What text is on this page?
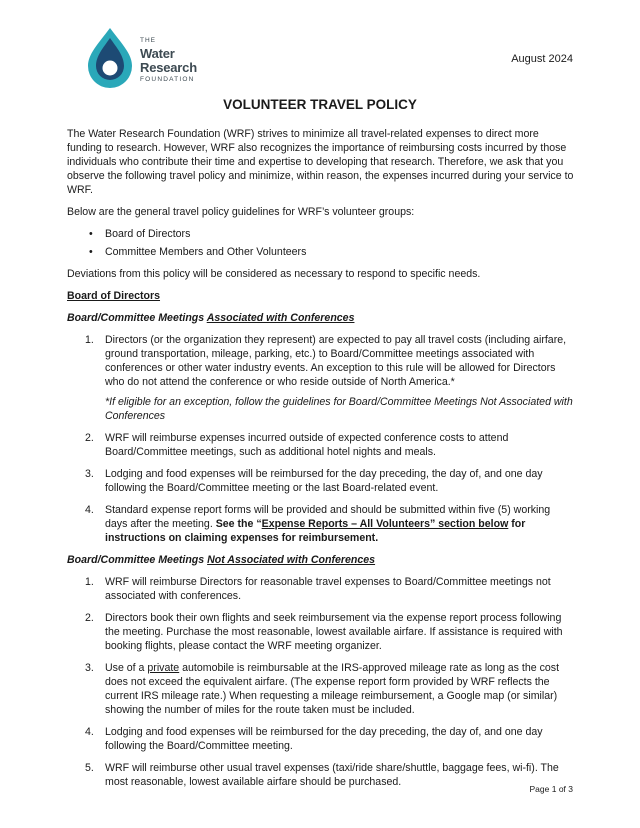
THE
Water
Research
FOUNDATION
August 2024
VOLUNTEER TRAVEL POLICY

The Water Research Foundation (WRF) strives to minimize all travel-related expenses to direct more funding to research. However, WRF also recognizes the importance of reimbursing costs incurred by those individuals who contribute their time and expertise to developing that research. Therefore, we ask that you observe the following travel policy and minimize, within reason, the expenses incurred during your service to WRF.

Below are the general travel policy guidelines for WRF’s volunteer groups:

• Board of Directors
• Committee Members and Other Volunteers

Deviations from this policy will be considered as necessary to respond to specific needs.

Board of Directors
Board/Committee Meetings Associated with Conferences
1. Directors (or the organization they represent) are expected to pay all travel costs (including airfare, ground transportation, mileage, parking, etc.) to Board/Committee meetings associated with conferences or other water industry events. An exception to this rule will be allowed for Directors who do not attend the conference or who reside outside of North America.*

*If eligible for an exception, follow the guidelines for Board/Committee Meetings Not Associated with Conferences

2. WRF will reimburse expenses incurred outside of expected conference costs to attend Board/Committee meetings, such as additional hotel nights and meals.

3. Lodging and food expenses will be reimbursed for the day preceding, the day of, and one day following the Board/Committee meeting or the last Board-related event.

4. Standard expense report forms will be provided and should be submitted within five (5) working days after the meeting. See the “Expense Reports – All Volunteers” section below for instructions on claiming expenses for reimbursement.

Board/Committee Meetings Not Associated with Conferences
1. WRF will reimburse Directors for reasonable travel expenses to Board/Committee meetings not associated with conferences.

2. Directors book their own flights and seek reimbursement via the expense report process following the meeting. Purchase the most reasonable, lowest available airfare. If assistance is required with booking flights, please contact the WRF meeting organizer.

3. Use of a private automobile is reimbursable at the IRS-approved mileage rate as long as the cost does not exceed the equivalent airfare. (The expense report form provided by WRF reflects the current IRS mileage rate.) When requesting a mileage reimbursement, a Google map (or similar) showing the number of miles for the route taken must be included.

4. Lodging and food expenses will be reimbursed for the day preceding, the day of, and one day following the Board/Committee meeting.

5. WRF will reimburse other usual travel expenses (taxi/ride share/shuttle, baggage fees, wi-fi). The most reasonable, lowest available airfare should be purchased.

Page 1 of 3
